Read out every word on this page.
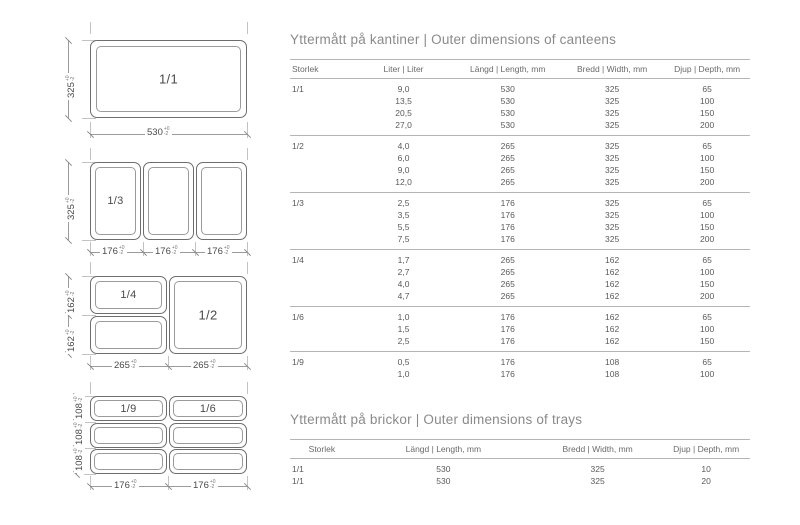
325+0
-2	1/1
530+0
-2
325+0
-2	1/3
176+0
-2	176+0
-2	176+0
-2
162+0
-2
162+0
-2
1/4
1/2
265+0
-2	265+0
-2
108+0
-2
108+0
-2
108+0
-2
1/9	1/6
176+0
-2	176+0
-2
Yttermått på kantiner | Outer dimensions of canteens
Storlek	Liter | Liter	Längd | Length, mm	Bredd | Width, mm	Djup | Depth, mm
1/1	9,0	530	325	65
	13,5	530	325	100
	20,5	530	325	150
	27,0	530	325	200
1/2	4,0	265	325	65
	6,0	265	325	100
	9,0	265	325	150
	12,0	265	325	200
1/3	2,5	176	325	65
	3,5	176	325	100
	5,5	176	325	150
	7,5	176	325	200
1/4	1,7	265	162	65
	2,7	265	162	100
	4,0	265	162	150
	4,7	265	162	200
1/6	1,0	176	162	65
	1,5	176	162	100
	2,5	176	162	150
1/9	0,5	176	108	65
	1,0	176	108	100
Yttermått på brickor | Outer dimensions of trays
Storlek	Längd | Length, mm	Bredd | Width, mm	Djup | Depth, mm
1/1	530	325	10
1/1	530	325	20
